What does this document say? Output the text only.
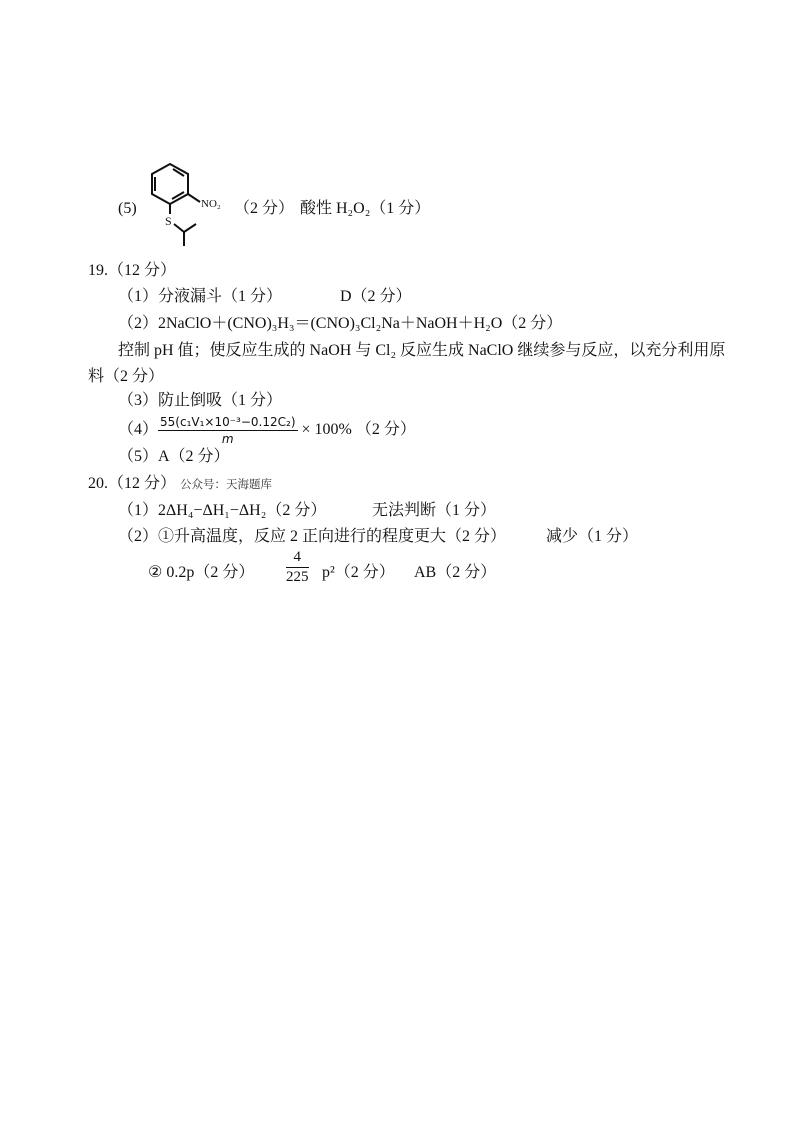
(5)	NO₂
S
（2 分） 酸性 H₂O₂（1 分）
19.（12 分）
（1）分液漏斗（1 分）	D（2 分）
（2）2NaClO＋(CNO)₃H₃＝(CNO)₃Cl₂Na＋NaOH＋H₂O（2 分）
控制 pH 值；使反应生成的 NaOH 与 Cl₂ 反应生成 NaClO 继续参与反应，以充分利用原
料（2 分）
（3）防止倒吸（1 分）
$(4) \frac{\text{55(c₁V₁×10⁻³−0.12C₂)}}{m} \times 100\%$ （2 分）
（5）A（2 分）
20.（12 分） 公众号：天海题库
（1）2ΔH₄−ΔH₁−ΔH₂（2 分）	无法判断（1 分）
（2）①升高温度，反应 2 正向进行的程度更大（2 分） 减少（1 分）
② 0.2p（2 分） $\frac{4}{225} p^2(2$ 分） AB（2 分）
